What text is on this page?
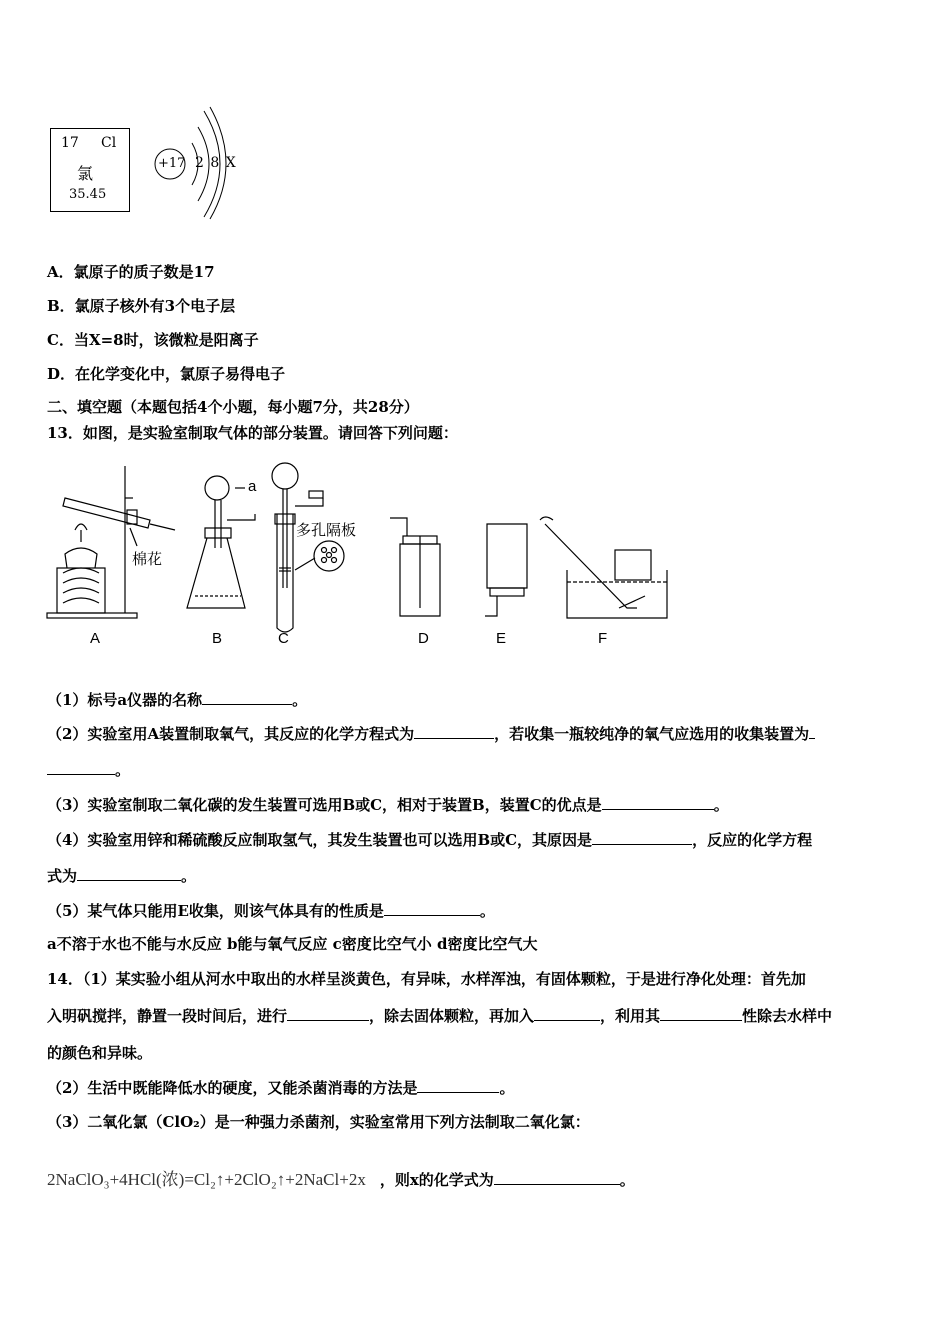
17 Cl
氯
35.45
+17 2 8 X
A．氯原子的质子数是17
B．氯原子核外有3个电子层
C．当X=8时，该微粒是阳离子
D．在化学变化中，氯原子易得电子
二、填空题（本题包括4个小题，每小题7分，共28分）
13．如图，是实验室制取气体的部分装置。请回答下列问题：
a
棉花
多孔隔板
A	B	C	D	E	F
（1）标号a仪器的名称	。
（2）实验室用A装置制取氧气，其反应的化学方程式为	，若收集一瓶较纯净的氧气应选用的收集装置为
。
（3）实验室制取二氧化碳的发生装置可选用B或C，相对于装置B，装置C的优点是	。
（4）实验室用锌和稀硫酸反应制取氢气，其发生装置也可以选用B或C，其原因是	，反应的化学方程
式为	。
（5）某气体只能用E收集，则该气体具有的性质是	。
a不溶于水也不能与水反应 b能与氧气反应 c密度比空气小 d密度比空气大
14．（1）某实验小组从河水中取出的水样呈淡黄色，有异味，水样浑浊，有固体颗粒，于是进行净化处理：首先加
入明矾搅拌，静置一段时间后，进行	，除去固体颗粒，再加入	，利用其	性除去水样中
的颜色和异味。
（2）生活中既能降低水的硬度，又能杀菌消毒的方法是	。
（3）二氧化氯（ClO₂）是一种强力杀菌剂，实验室常用下列方法制取二氧化氯：
2NaClO₃+4HCl(浓)=Cl₂↑+2ClO₂↑+2NaCl+2x ，则x的化学式为	。
